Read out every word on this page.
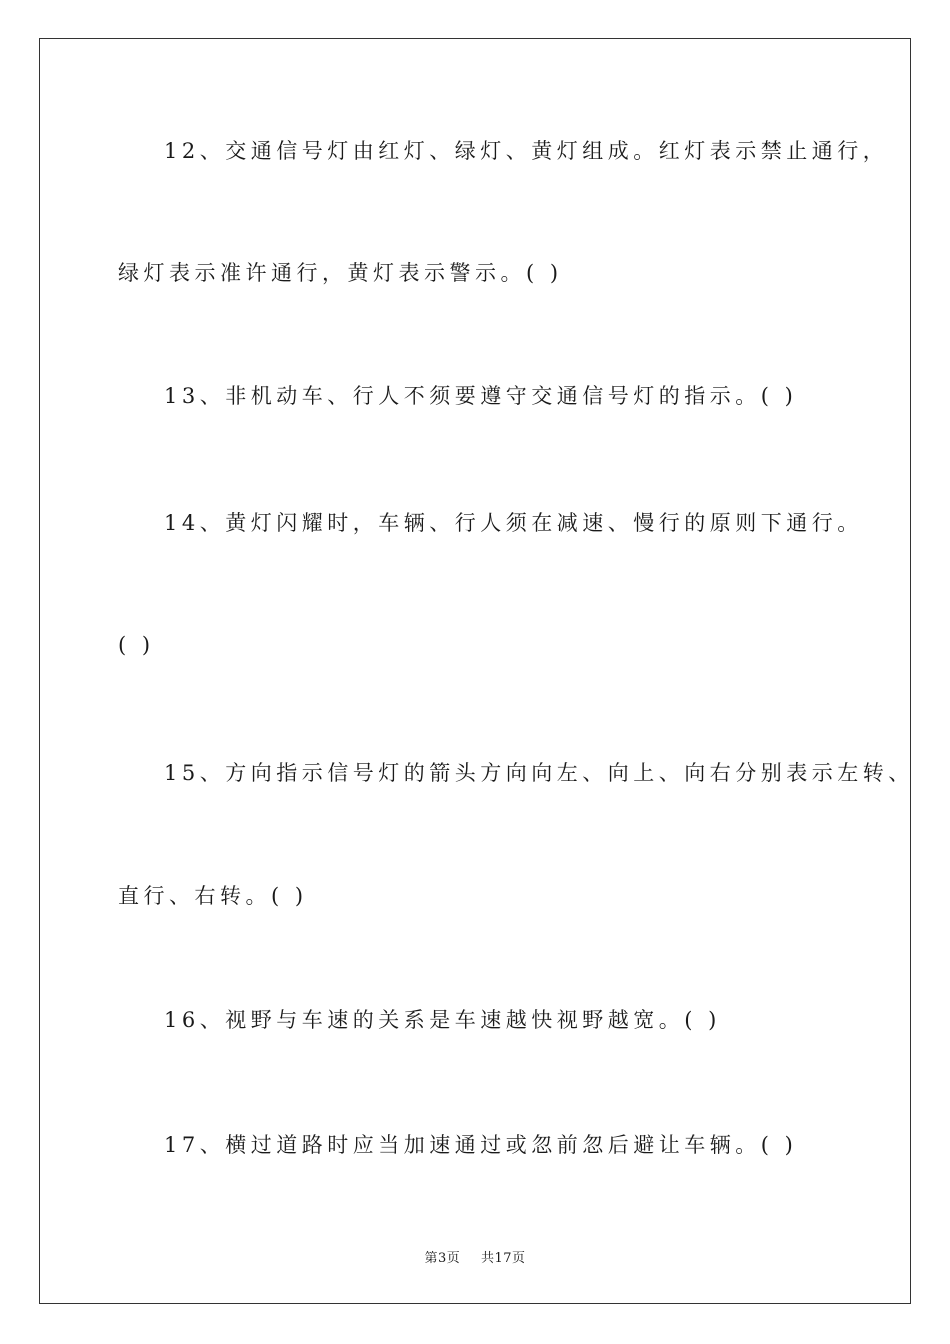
12、交通信号灯由红灯、绿灯、黄灯组成。红灯表示禁止通行，
绿灯表示准许通行，黄灯表示警示。( )
13、非机动车、行人不须要遵守交通信号灯的指示。( )
14、黄灯闪耀时，车辆、行人须在减速、慢行的原则下通行。
( )
15、方向指示信号灯的箭头方向向左、向上、向右分别表示左转、
直行、右转。( )
16、视野与车速的关系是车速越快视野越宽。( )
17、横过道路时应当加速通过或忽前忽后避让车辆。( )
第3页 共17页
